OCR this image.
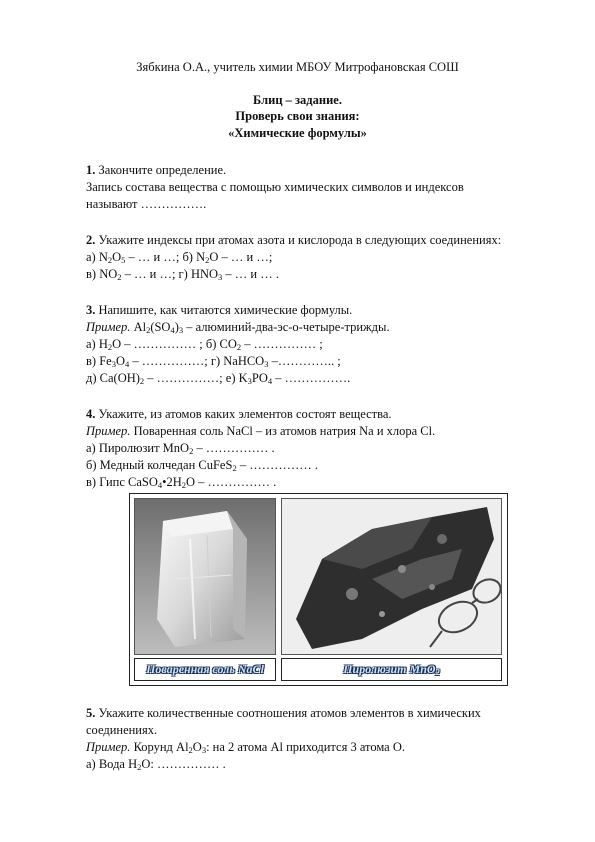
Зябкина О.А., учитель химии МБОУ Митрофановская СОШ
Блиц – задание.
Проверь свои знания:
«Химические формулы»
1. Закончите определение.
Запись состава вещества с помощью химических символов и индексов
называют …………….
2. Укажите индексы при атомах азота и кислорода в следующих соединениях:
а) $N_2O_5$ – … и …; б) $N_2O$ – … и …;
в) $NO_2$ – … и …; г) $HNO_3$ – … и … .
3. Напишите, как читаются химические формулы.
Пример. $Al_2(SO_4)_3$ – алюминий-два-эс-о-четыре-трижды.
а) $H_2O$ – …………… ; б) $CO_2$ – …………… ;
в) $Fe_3O_4$ – ……………; г) NaHCO$_3$ –………….. ;
д) $Ca(OH)_2$ – ……………; е) $K_3PO_4$ – …………….
4. Укажите, из атомов каких элементов состоят вещества.
Пример. Поваренная соль NaCl – из атомов натрия Na и хлора Cl.
а) Пиролюзит MnO$_2$ – …………… .
б) Медный колчедан CuFeS$_2$ – …………… .
в) Гипс $CaSO_4•2H_2O$ – …………… .
Поваренная соль NaCl	Пиролюзит MnO$_2$
5. Укажите количественные соотношения атомов элементов в химических
соединениях.
Пример. Корунд $Al_2O_3$: на 2 атома Al приходится 3 атома O.
а) Вода $H_2O$: …………… .
